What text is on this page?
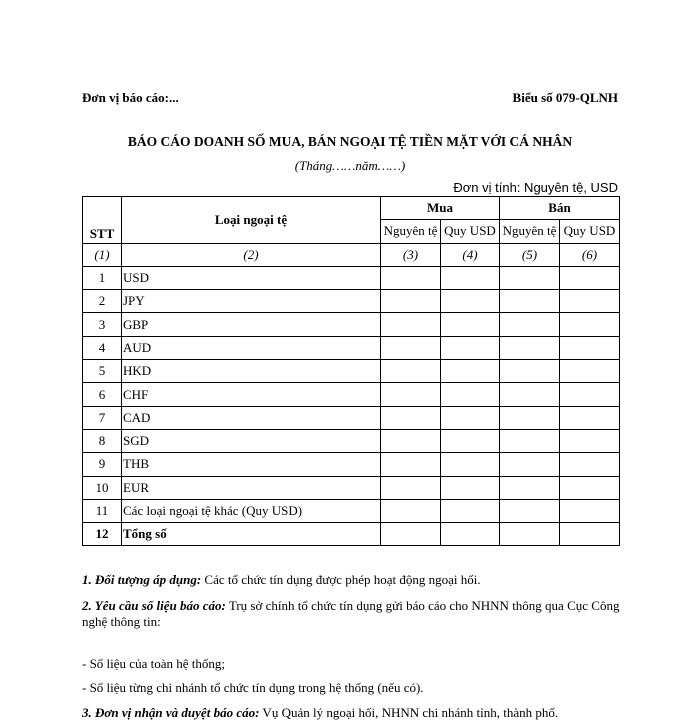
Đơn vị báo cáo:...	Biểu số 079-QLNH
BÁO CÁO DOANH SỐ MUA, BÁN NGOẠI TỆ TIỀN MẶT VỚI CÁ NHÂN
(Tháng……năm……)
Đơn vị tính: Nguyên tệ, USD
STT	Loại ngoại tệ	Mua		Bán	
		Nguyên tệ	Quy USD	Nguyên tệ	Quy USD
(1)	(2)	(3)	(4)	(5)	(6)
1	USD				
2	JPY				
3	GBP				
4	AUD				
5	HKD				
6	CHF				
7	CAD				
8	SGD				
9	THB				
10	EUR				
11	Các loại ngoại tệ khác (Quy USD)				
12	Tổng số				

1. Đối tượng áp dụng: Các tổ chức tín dụng được phép hoạt động ngoại hối.

2. Yêu cầu số liệu báo cáo: Trụ sở chính tổ chức tín dụng gửi báo cáo cho NHNN thông qua Cục Công nghệ thông tin:

- Số liệu của toàn hệ thống;

- Số liệu từng chi nhánh tổ chức tín dụng trong hệ thống (nếu có).

3. Đơn vị nhận và duyệt báo cáo: Vụ Quản lý ngoại hối, NHNN chi nhánh tỉnh, thành phố.
